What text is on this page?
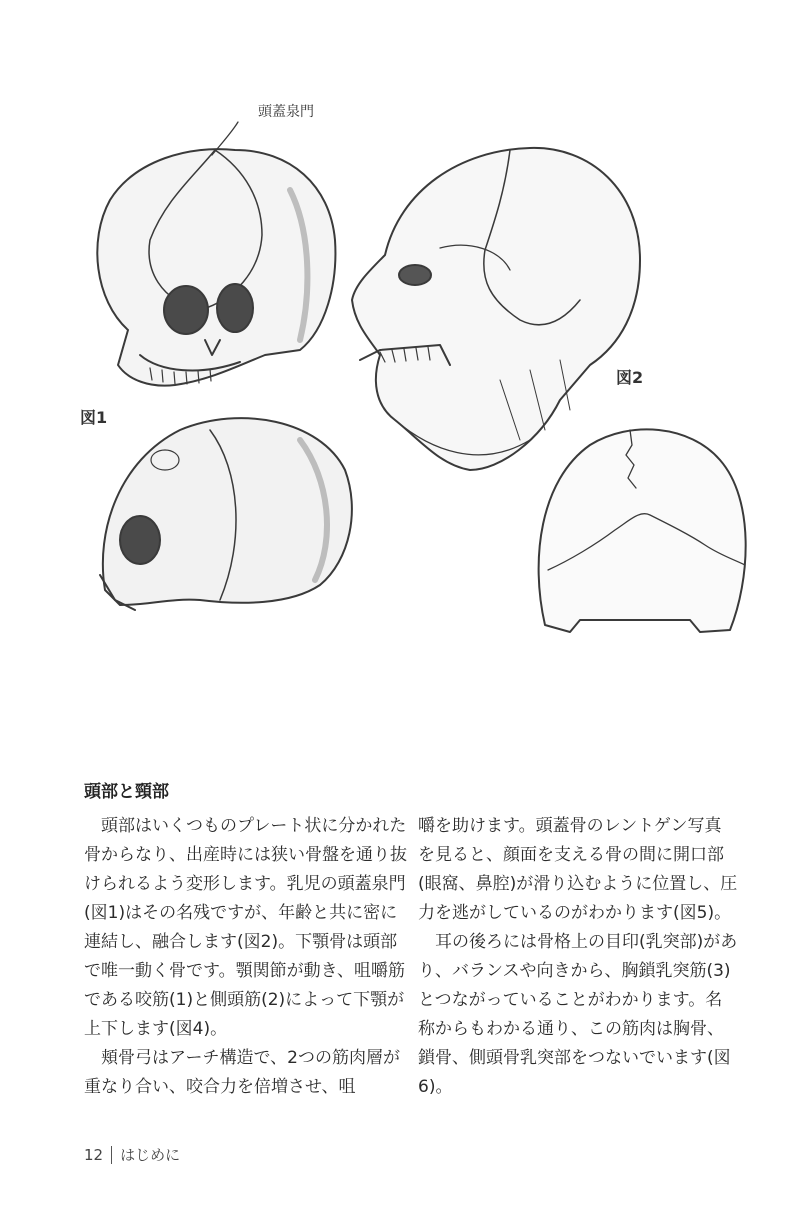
図1
図2
頭蓋泉門
頭部と頸部

頭部はいくつものプレート状に分かれた骨からなり、出産時には狭い骨盤を通り抜けられるよう変形します。乳児の頭蓋泉門(図1)はその名残ですが、年齢と共に密に連結し、融合します(図2)。下顎骨は頭部で唯一動く骨です。顎関節が動き、咀嚼筋である咬筋(1)と側頭筋(2)によって下顎が上下します(図4)。

頬骨弓はアーチ構造で、2つの筋肉層が重なり合い、咬合力を倍増させ、咀

嚼を助けます。頭蓋骨のレントゲン写真を見ると、顔面を支える骨の間に開口部(眼窩、鼻腔)が滑り込むように位置し、圧力を逃がしているのがわかります(図5)。

耳の後ろには骨格上の目印(乳突部)があり、バランスや向きから、胸鎖乳突筋(3)とつながっていることがわかります。名称からもわかる通り、この筋肉は胸骨、鎖骨、側頭骨乳突部をつないでいます(図6)。

12 はじめに
